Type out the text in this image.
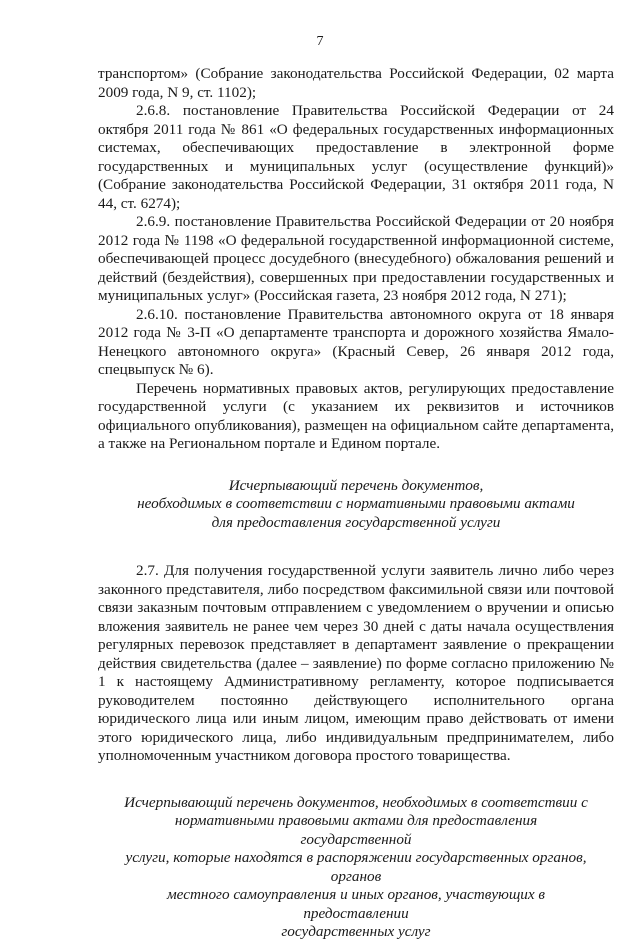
7

транспортом» (Собрание законодательства Российской Федерации, 02 марта 2009 года, N 9, ст. 1102);

2.6.8. постановление Правительства Российской Федерации от 24 октября 2011 года № 861 «О федеральных государственных информационных системах, обеспечивающих предоставление в электронной форме государственных и муниципальных услуг (осуществление функций)» (Собрание законодательства Российской Федерации, 31 октября 2011 года, N 44, ст. 6274);

2.6.9. постановление Правительства Российской Федерации от 20 ноября 2012 года № 1198 «О федеральной государственной информационной системе, обеспечивающей процесс досудебного (внесудебного) обжалования решений и действий (бездействия), совершенных при предоставлении государственных и муниципальных услуг» (Российская газета, 23 ноября 2012 года, N 271);

2.6.10. постановление Правительства автономного округа от 18 января 2012 года № 3-П «О департаменте транспорта и дорожного хозяйства Ямало-Ненецкого автономного округа» (Красный Север, 26 января 2012 года, спецвыпуск № 6).

Перечень нормативных правовых актов, регулирующих предоставление государственной услуги (с указанием их реквизитов и источников официального опубликования), размещен на официальном сайте департамента, а также на Региональном портале и Едином портале.

Исчерпывающий перечень документов,
необходимых в соответствии с нормативными правовыми актами
для предоставления государственной услуги

2.7. Для получения государственной услуги заявитель лично либо через законного представителя, либо посредством факсимильной связи или почтовой связи заказным почтовым отправлением с уведомлением о вручении и описью вложения заявитель не ранее чем через 30 дней с даты начала осуществления регулярных перевозок представляет в департамент заявление о прекращении действия свидетельства (далее – заявление) по форме согласно приложению № 1 к настоящему Административному регламенту, которое подписывается руководителем постоянно действующего исполнительного органа юридического лица или иным лицом, имеющим право действовать от имени этого юридического лица, либо индивидуальным предпринимателем, либо уполномоченным участником договора простого товарищества.

Исчерпывающий перечень документов, необходимых в соответствии с
нормативными правовыми актами для предоставления государственной
услуги, которые находятся в распоряжении государственных органов, органов
местного самоуправления и иных органов, участвующих в предоставлении
государственных услуг
